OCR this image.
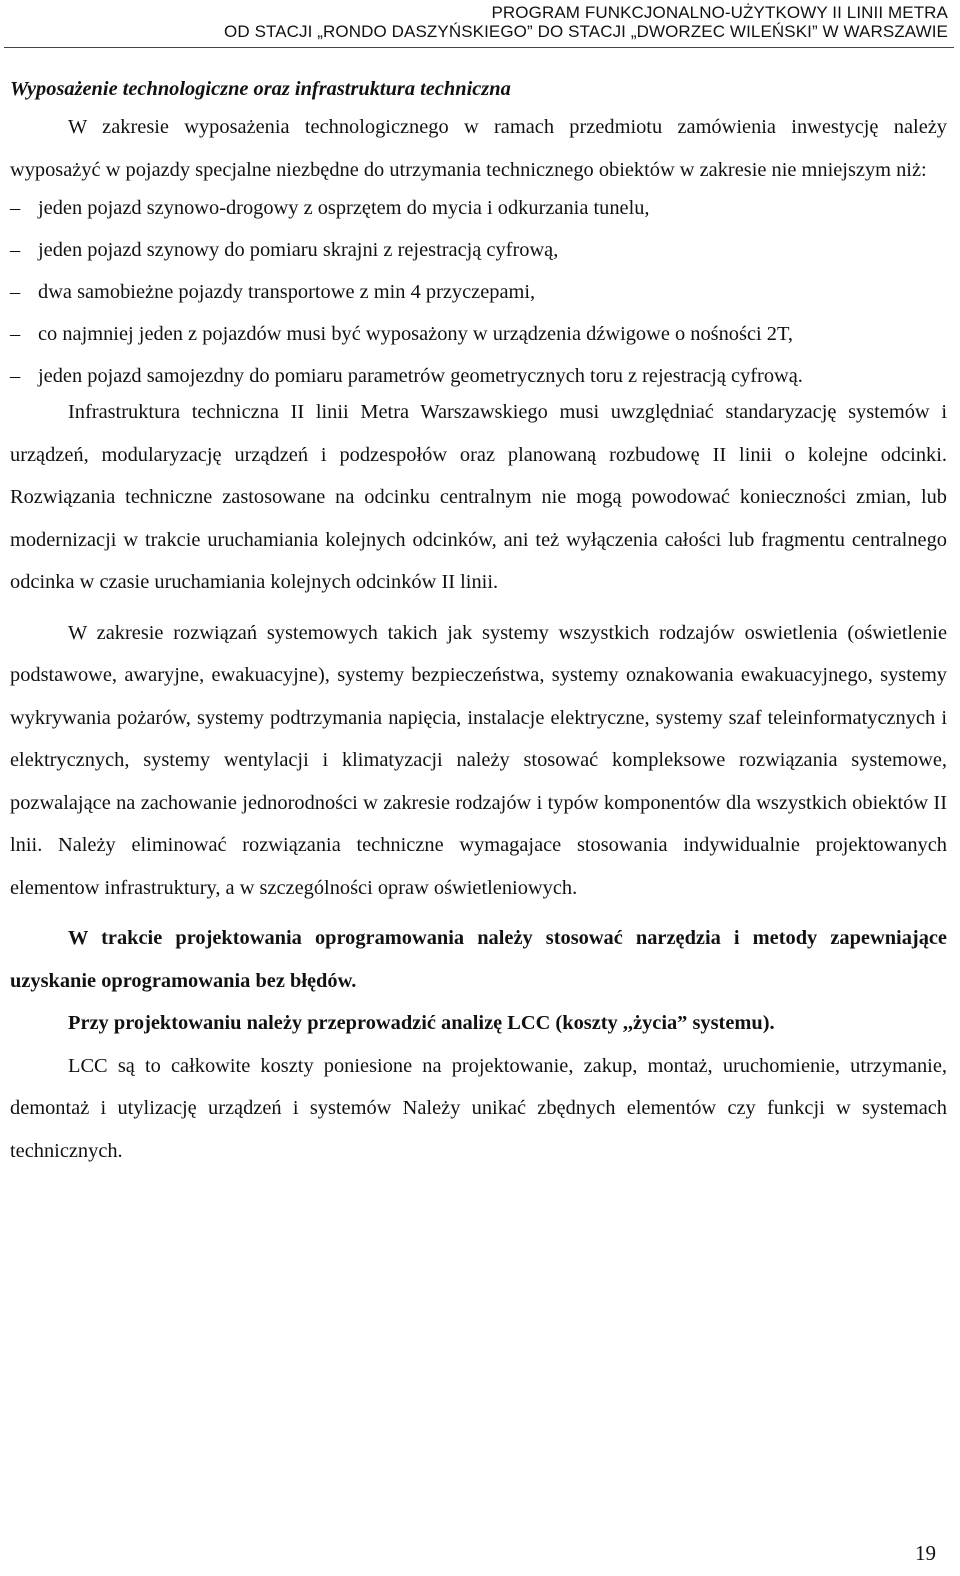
PROGRAM FUNKCJONALNO-UŻYTKOWY II LINII METRA
OD STACJI „RONDO DASZYŃSKIEGO” DO STACJI „DWORZEC WILEŃSKI” W WARSZAWIE

Wyposażenie technologiczne oraz infrastruktura techniczna

W zakresie wyposażenia technologicznego w ramach przedmiotu zamówienia inwestycję należy wyposażyć w pojazdy specjalne niezbędne do utrzymania technicznego obiektów w zakresie nie mniejszym niż:

– jeden pojazd szynowo-drogowy z osprzętem do mycia i odkurzania tunelu,
– jeden pojazd szynowy do pomiaru skrajni z rejestracją cyfrową,
– dwa samobieżne pojazdy transportowe z min 4 przyczepami,
– co najmniej jeden z pojazdów musi być wyposażony w urządzenia dźwigowe o nośności 2T,
– jeden pojazd samojezdny do pomiaru parametrów geometrycznych toru z rejestracją cyfrową.

Infrastruktura techniczna II linii Metra Warszawskiego musi uwzględniać standaryzację systemów i urządzeń, modularyzację urządzeń i podzespołów oraz planowaną rozbudowę II linii o kolejne odcinki. Rozwiązania techniczne zastosowane na odcinku centralnym nie mogą powodować konieczności zmian, lub modernizacji w trakcie uruchamiania kolejnych odcinków, ani też wyłączenia całości lub fragmentu centralnego odcinka w czasie uruchamiania kolejnych odcinków II linii.

W zakresie rozwiązań systemowych takich jak systemy wszystkich rodzajów oswietlenia (oświetlenie podstawowe, awaryjne, ewakuacyjne), systemy bezpieczeństwa, systemy oznakowania ewakuacyjnego, systemy wykrywania pożarów, systemy podtrzymania napięcia, instalacje elektryczne, systemy szaf teleinformatycznych i elektrycznych, systemy wentylacji i klimatyzacji należy stosować kompleksowe rozwiązania systemowe, pozwalające na zachowanie jednorodności w zakresie rodzajów i typów komponentów dla wszystkich obiektów II lnii. Należy eliminować rozwiązania techniczne wymagajace stosowania indywidualnie projektowanych elementow infrastruktury, a w szczególności opraw oświetleniowych.

W trakcie projektowania oprogramowania należy stosować narzędzia i metody zapewniające uzyskanie oprogramowania bez błędów.

Przy projektowaniu należy przeprowadzić analizę LCC (koszty ,,życia” systemu).

LCC są to całkowite koszty poniesione na projektowanie, zakup, montaż, uruchomienie, utrzymanie, demontaż i utylizację urządzeń i systemów Należy unikać zbędnych elementów czy funkcji w systemach technicznych.

19
